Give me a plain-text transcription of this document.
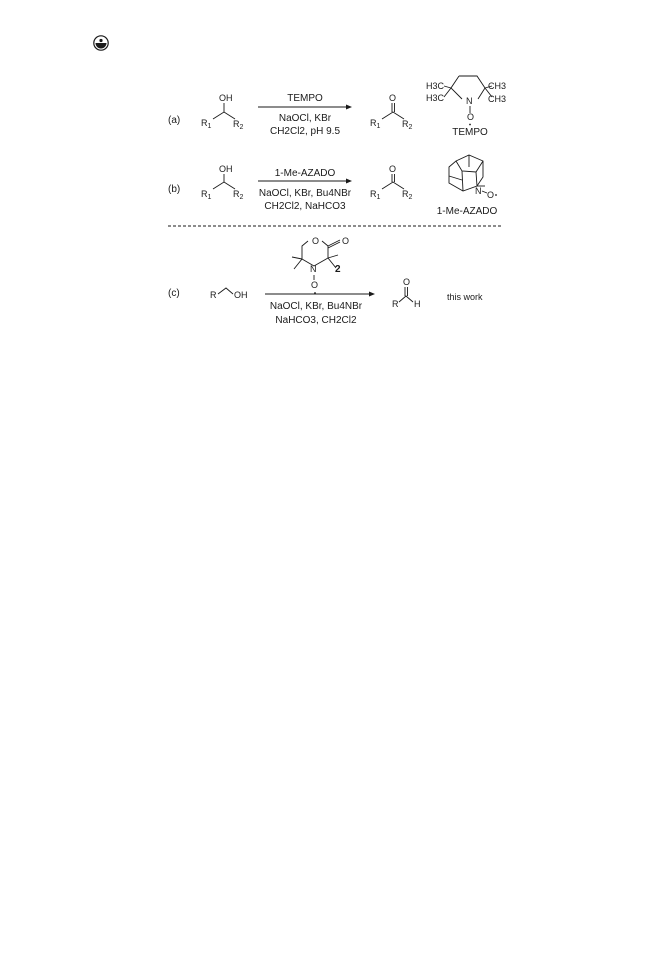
(a)
OH
$R_1$ $R_2$
TEMPO
NaOCl, KBr
CH2Cl2, pH 9.5
O
$R_1$ $R_2$
H3C	CH3
H3C	CH3
N
O
TEMPO
(b)
OH
$R_1$ $R_2$
1-Me-AZADO
NaOCl, KBr, Bu4NBr
CH2Cl2, NaHCO3
O
$R_1$ $R_2$
N O
1-Me-AZADO
(c)	R OH
O	O
N 2
O
NaOCl, KBr, Bu4NBr
NaHCO3, CH2Cl2
R
O
H
this work
